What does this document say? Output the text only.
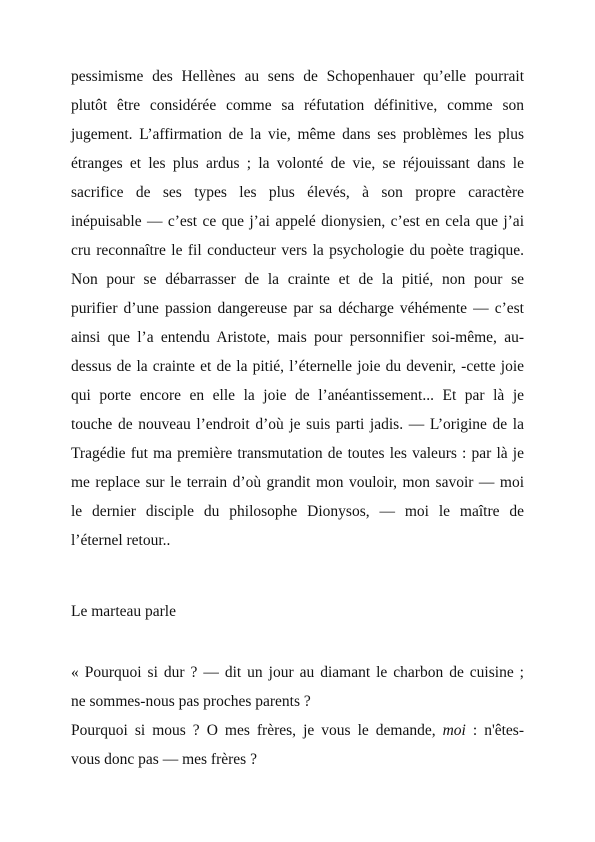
pessimisme des Hellènes au sens de Schopenhauer qu’elle pourrait
plutôt être considérée comme sa réfutation définitive, comme son
jugement. L’affirmation de la vie, même dans ses problèmes les plus
étranges et les plus ardus ; la volonté de vie, se réjouissant dans le
sacrifice de ses types les plus élevés, à son propre caractère
inépuisable — c’est ce que j’ai appelé dionysien, c’est en cela que j’ai
cru reconnaître le fil conducteur vers la psychologie du poète tragique.
Non pour se débarrasser de la crainte et de la pitié, non pour se
purifier d’une passion dangereuse par sa décharge véhémente — c’est
ainsi que l’a entendu Aristote, mais pour personnifier soi-même, au-
dessus de la crainte et de la pitié, l’éternelle joie du devenir, -cette joie
qui porte encore en elle la joie de l’anéantissement... Et par là je
touche de nouveau l’endroit d’où je suis parti jadis. — L’origine de la
Tragédie fut ma première transmutation de toutes les valeurs : par là je
me replace sur le terrain d’où grandit mon vouloir, mon savoir — moi
le dernier disciple du philosophe Dionysos, — moi le maître de
l’éternel retour..
Le marteau parle
« Pourquoi si dur ? — dit un jour au diamant le charbon de cuisine ;
ne sommes-nous pas proches parents ?
Pourquoi si mous ? O mes frères, je vous le demande, moi : n'êtes-
vous donc pas — mes frères ?
